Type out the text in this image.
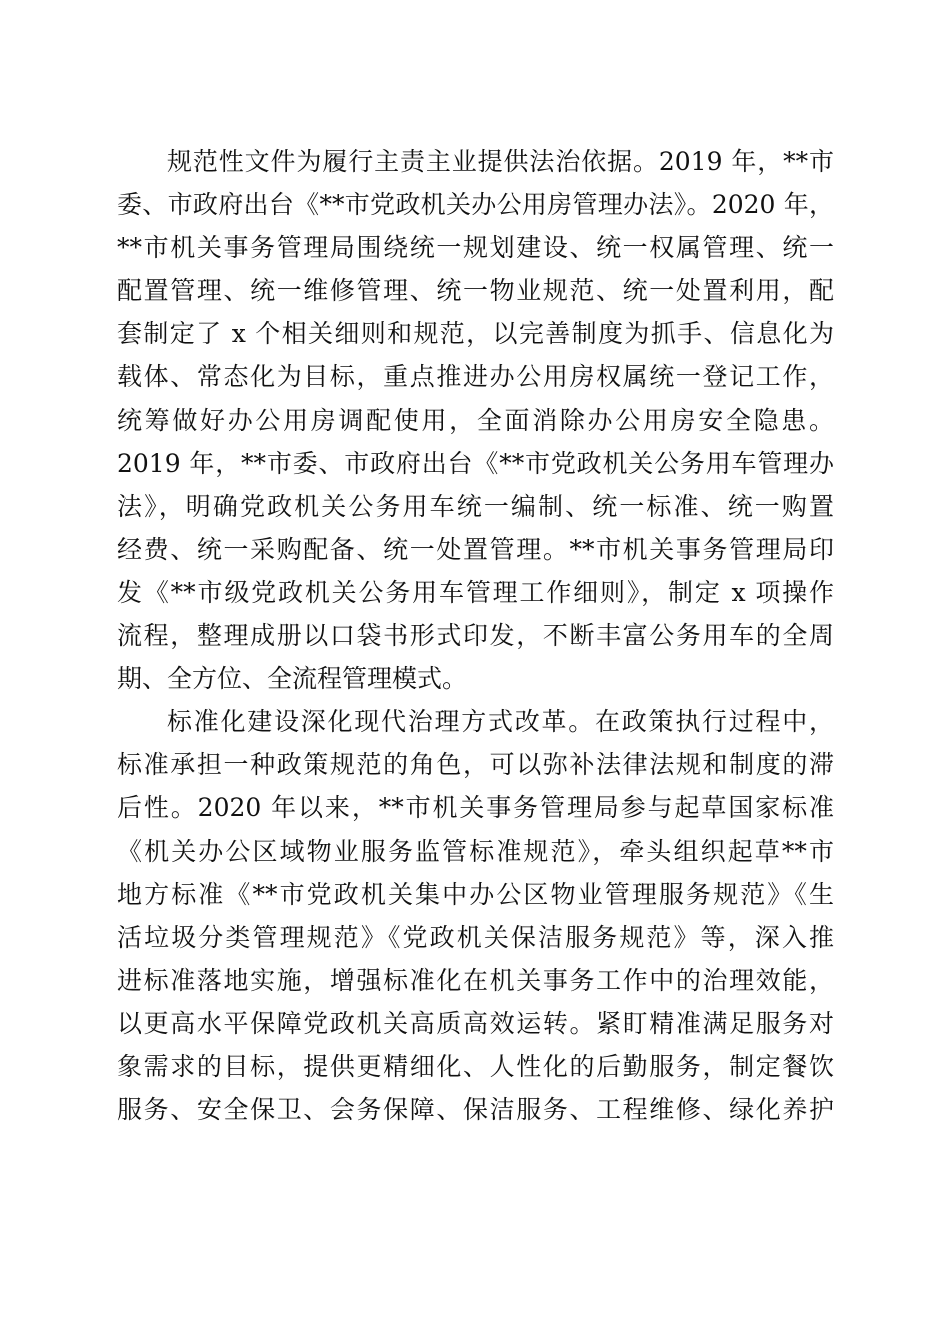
规范性文件为履行主责主业提供法治依据。2019 年，**市
委、市政府出台《**市党政机关办公用房管理办法》。2020 年，
**市机关事务管理局围绕统一规划建设、统一权属管理、统一
配置管理、统一维修管理、统一物业规范、统一处置利用，配
套制定了 x 个相关细则和规范，以完善制度为抓手、信息化为
载体、常态化为目标，重点推进办公用房权属统一登记工作，
统筹做好办公用房调配使用，全面消除办公用房安全隐患。
2019 年，**市委、市政府出台《**市党政机关公务用车管理办
法》，明确党政机关公务用车统一编制、统一标准、统一购置
经费、统一采购配备、统一处置管理。**市机关事务管理局印
发《**市级党政机关公务用车管理工作细则》，制定 x 项操作
流程，整理成册以口袋书形式印发，不断丰富公务用车的全周
期、全方位、全流程管理模式。
标准化建设深化现代治理方式改革。在政策执行过程中，
标准承担一种政策规范的角色，可以弥补法律法规和制度的滞
后性。2020 年以来，**市机关事务管理局参与起草国家标准
《机关办公区域物业服务监管标准规范》，牵头组织起草**市
地方标准《**市党政机关集中办公区物业管理服务规范》《生
活垃圾分类管理规范》《党政机关保洁服务规范》等，深入推
进标准落地实施，增强标准化在机关事务工作中的治理效能，
以更高水平保障党政机关高质高效运转。紧盯精准满足服务对
象需求的目标，提供更精细化、人性化的后勤服务，制定餐饮
服务、安全保卫、会务保障、保洁服务、工程维修、绿化养护
